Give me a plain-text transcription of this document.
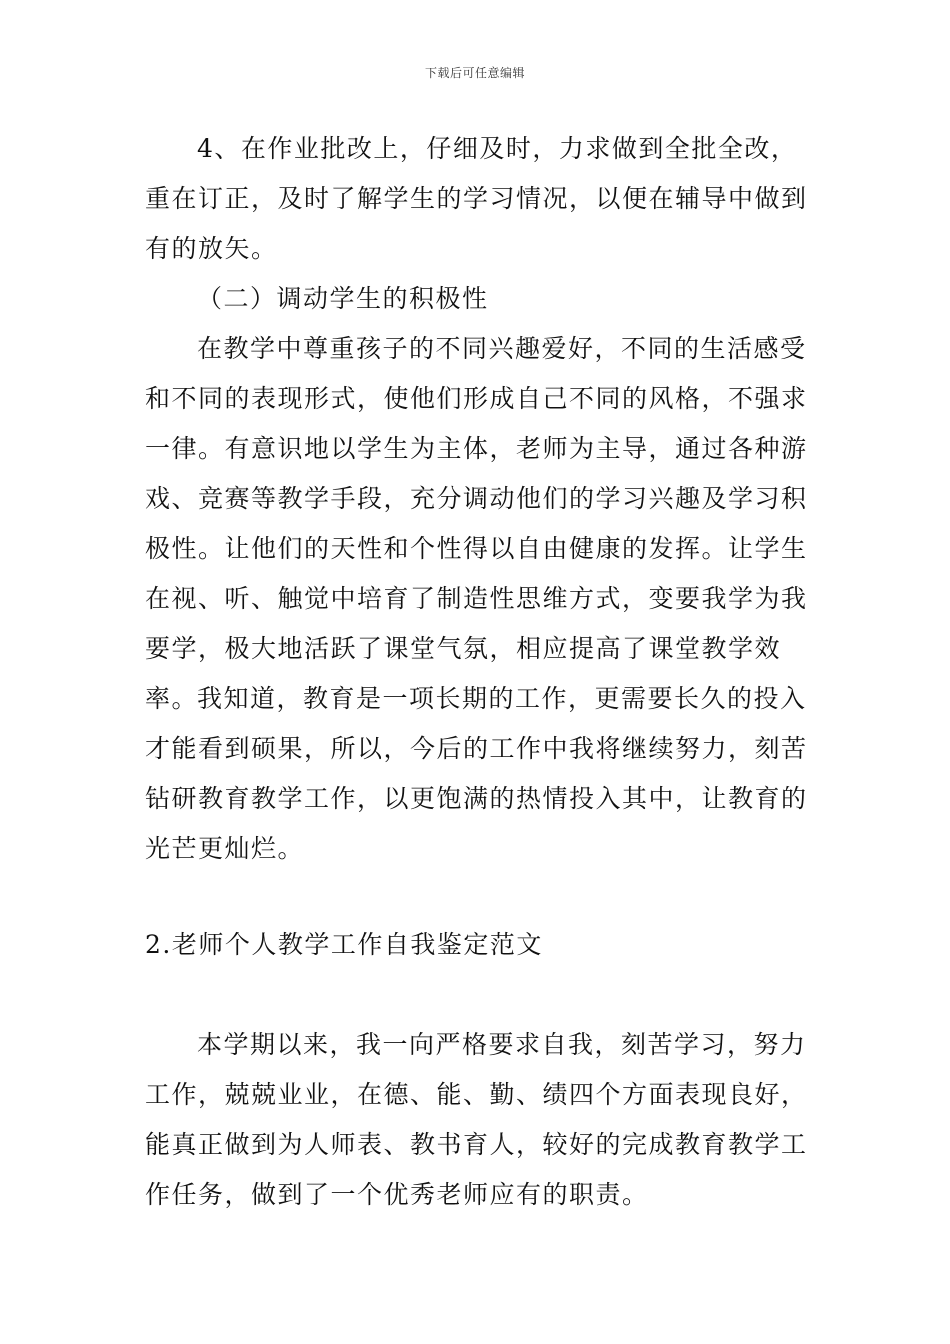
下载后可任意编辑
4、在作业批改上，仔细及时，力求做到全批全改，重在订正，及时了解学生的学习情况，以便在辅导中做到有的放矢。
（二）调动学生的积极性
在教学中尊重孩子的不同兴趣爱好，不同的生活感受和不同的表现形式，使他们形成自己不同的风格，不强求一律。有意识地以学生为主体，老师为主导，通过各种游戏、竞赛等教学手段，充分调动他们的学习兴趣及学习积极性。让他们的天性和个性得以自由健康的发挥。让学生在视、听、触觉中培育了制造性思维方式，变要我学为我要学，极大地活跃了课堂气氛，相应提高了课堂教学效率。
我知道，教育是一项长期的工作，更需要长久的投入才能看到硕果，所以，今后的工作中我将继续努力，刻苦钻研教育教学工作，以更饱满的热情投入其中，让教育的光芒更灿烂。
2.老师个人教学工作自我鉴定范文
本学期以来，我一向严格要求自我，刻苦学习，努力工作，兢兢业业，在德、能、勤、绩四个方面表现良好，能真正做到为人师表、教书育人，较好的完成教育教学工作任务，做到了一个优秀老师应有的职责。
